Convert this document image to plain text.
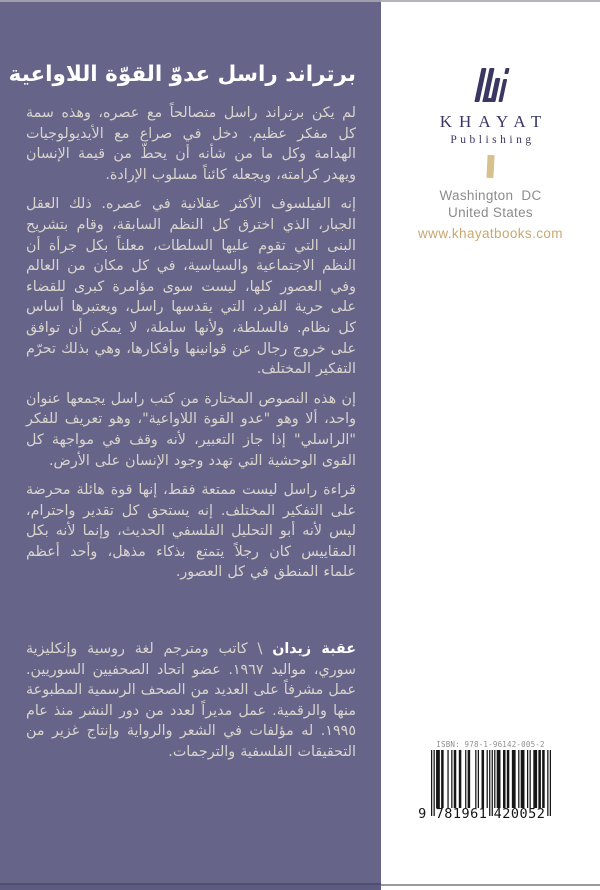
برتراند راسل عدوّ القوّة اللاواعية

لم يكن برتراند راسل متصالحاً مع عصره، وهذه سمة كل مفكر عظيم. دخل في صراع مع الأيديولوجيات الهدامة وكل ما من شأنه أن يحطّ من قيمة الإنسان ويهدر كرامته، ويجعله كائناً مسلوب الإرادة.

إنه الفيلسوف الأكثر عقلانية في عصره. ذلك العقل الجبار، الذي اخترق كل النظم السابقة، وقام بتشريح البنى التي تقوم عليها السلطات، معلناً بكل جرأة أن النظم الاجتماعية والسياسية، في كل مكان من العالم وفي العصور كلها، ليست سوى مؤامرة كبرى للقضاء على حرية الفرد، التي يقدسها راسل، ويعتبرها أساس كل نظام. فالسلطة، ولأنها سلطة، لا يمكن أن توافق على خروج رجال عن قوانينها وأفكارها، وهي بذلك تحرّم التفكير المختلف.

إن هذه النصوص المختارة من كتب راسل يجمعها عنوان واحد، ألا وهو "عدو القوة اللاواعية"، وهو تعريف للفكر "الراسلي" إذا جاز التعبير، لأنه وقف في مواجهة كل القوى الوحشية التي تهدد وجود الإنسان على الأرض.

قراءة راسل ليست ممتعة فقط، إنها قوة هائلة محرضة على التفكير المختلف. إنه يستحق كل تقدير واحترام، ليس لأنه أبو التحليل الفلسفي الحديث، وإنما لأنه بكل المقاييس كان رجلاً يتمتع بذكاء مذهل، وأحد أعظم علماء المنطق في كل العصور.

عقبة زيدان \ كاتب ومترجم لغة روسية وإنكليزية سوري، مواليد ١٩٦٧. عضو اتحاد الصحفيين السوريين. عمل مشرفاً على العديد من الصحف الرسمية المطبوعة منها والرقمية. عمل مديراً لعدد من دور النشر منذ عام ١٩٩٥. له مؤلفات في الشعر والرواية وإنتاج غزير من التحقيقات الفلسفية والترجمات.

KHAYAT
Publishing
Washington  DC
United States
www.khayatbooks.com
ISBN: 978-1-96142-005-2
9 781961 420052
